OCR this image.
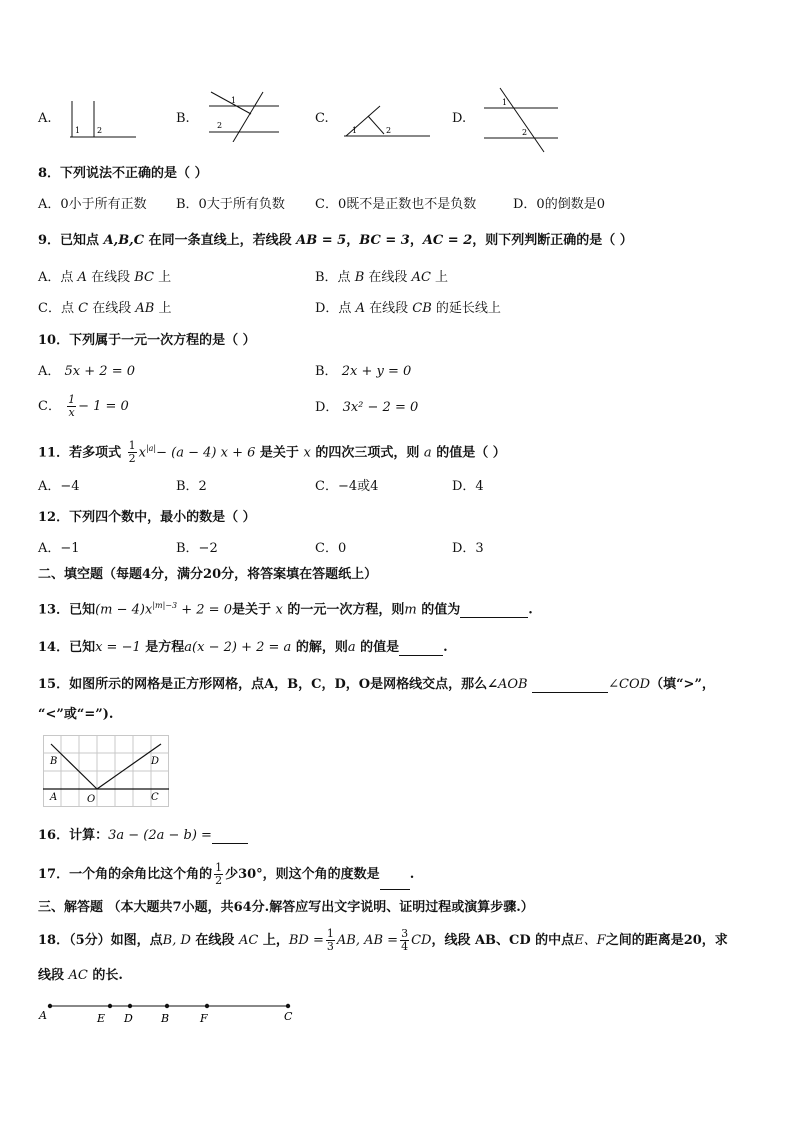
A.
1 2
B.
1
2	C.
1	2
D.
1
2
8．下列说法不正确的是（ ）
A．0小于所有正数 B．0大于所有负数 C．0既不是正数也不是负数	D．0的倒数是0
9．已知点 A,B,C 在同一条直线上，若线段 AB = 5，BC = 3，AC = 2，则下列判断正确的是（ ）
A．点 A 在线段 BC 上	B．点 B 在线段 AC 上
C．点 C 在线段 AB 上	D．点 A 在线段 CB 的延长线上
10．下列属于一元一次方程的是（ ）
A． 5x + 2 = 0	B． 2x + y = 0
C． $\frac{1}{x} - 1 = 0$	D． 3x² − 2 = 0
11．若多项式 $\frac{1}{2} x^{|a|}- (a - 4) x + 6$ 是关于 x 的四次三项式，则 a 的值是（ ）
A．−4	B．2	C．−4或4	D．4
12．下列四个数中，最小的数是（ ）
A．−1	B．−2	C．0	D．3
二、填空题（每题4分，满分20分，将答案填在答题纸上）
13．已知$(m - 4)x^{|m|-3} + 2 = 0$是关于 x 的一元一次方程，则m 的值为	.
14．已知x = −1 是方程a(x − 2) + 2 = a 的解，则a 的值是	.
15．如图所示的网格是正方形网格，点A，B，C，D，O是网格线交点，那么∠AOB	∠COD（填“>”，
“<”或“=”).
B	D
A	O	C
16．计算：3a − (2a − b) =
17．一个角的余角比这个角的 $\frac{1}{2}$ 少30°，则这个角的度数是 .
三、解答题 （本大题共7小题，共64分.解答应写出文字说明、证明过程或演算步骤.）
18．（5分）如图，点B, D 在线段 AC 上，BD = $\frac{1}{3}$ AB, AB = $\frac{3}{4}$ CD，线段 AB、CD 的中点E、F之间的距离是20，求
线段 AC 的长.
A	E D	B	F	C
